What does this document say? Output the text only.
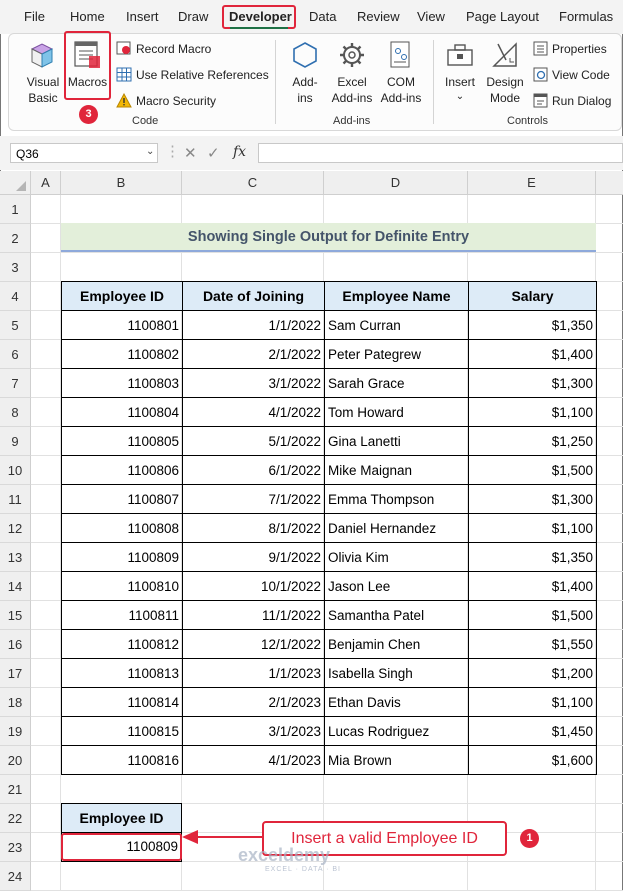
File Home Insert Draw Developer Data Review View Page Layout Formulas
Visual
Basic
Macros
3
Record Macro
Use Relative References
Macro Security
Code
Add-
ins
Excel
Add-ins
COM
Add-ins
Add-ins
Insert
⌄
Design
Mode
Properties
View Code
Run Dialog
Controls
Q36	⌄ ⋮ ✕ ✓ fx
A	B	C	D	E
1
2
3
4
5
6
7
8
9
10
11
12
13
14
15
16
17
18
19
20
21
22
23
24
Showing Single Output for Definite Entry
Employee ID	Date of Joining	Employee Name	Salary
1100801	1/1/2022	Sam Curran	$1,350
1100802	2/1/2022	Peter Pategrew	$1,400
1100803	3/1/2022	Sarah Grace	$1,300
1100804	4/1/2022	Tom Howard	$1,100
1100805	5/1/2022	Gina Lanetti	$1,250
1100806	6/1/2022	Mike Maignan	$1,500
1100807	7/1/2022	Emma Thompson	$1,300
1100808	8/1/2022	Daniel Hernandez	$1,100
1100809	9/1/2022	Olivia Kim	$1,350
1100810	10/1/2022	Jason Lee	$1,400
1100811	11/1/2022	Samantha Patel	$1,500
1100812	12/1/2022	Benjamin Chen	$1,550
1100813	1/1/2023	Isabella Singh	$1,200
1100814	2/1/2023	Ethan Davis	$1,100
1100815	3/1/2023	Lucas Rodriguez	$1,450
1100816	4/1/2023	Mia Brown	$1,600
Employee ID
1100809	Insert a valid Employee ID	1
exceldemy
EXCEL · DATA · BI
